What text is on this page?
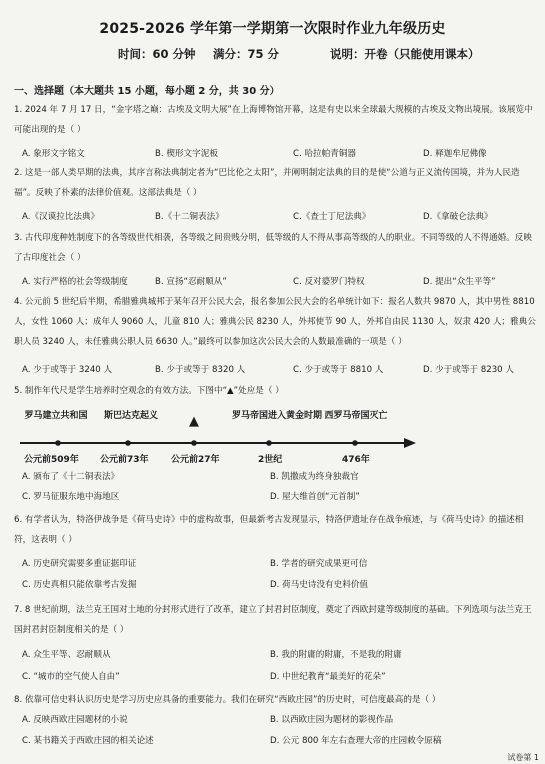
2025-2026 学年第一学期第一次限时作业九年级历史
时间：60 分钟 满分：75 分	说明：开卷（只能使用课本）
一、选择题（本大题共 15 小题，每小题 2 分，共 30 分）
1. 2024 年 7 月 17 日，“金字塔之巅：古埃及文明大展”在上海博物馆开幕，这是有史以来全球最大规模的古埃及文物出境展。该展览中可能出现的是（ ）
A. 象形文字铭文	B. 楔形文字泥板	C. 哈拉帕青铜器	D. 释迦牟尼佛像
2. 这是一部人类早期的法典，其序言称法典制定者为“巴比伦之太阳”，并阐明制定法典的目的是使“公道与正义流传国境，并为人民造福”。反映了朴素的法律价值观。这部法典是（ ）
A.《汉谟拉比法典》	B.《十二铜表法》	C.《查士丁尼法典》	D.《拿破仑法典》
3. 古代印度种姓制度下的各等级世代相袭，各等级之间贵贱分明，低等级的人不得从事高等级的人的职业。不同等级的人不得通婚。反映了古印度社会（ ）
A. 实行严格的社会等级制度	B. 宣扬“忍耐顺从”	C. 反对婆罗门特权	D. 提出“众生平等”
4. 公元前 5 世纪后半期，希腊雅典城邦于某年召开公民大会，报名参加公民大会的名单统计如下：报名人数共 9870 人，其中男性 8810 人，女性 1060 人；成年人 9060 人，儿童 810 人；雅典公民 8230 人，外邦使节 90 人，外邦自由民 1130 人，奴隶 420 人；雅典公职人员 3240 人，未任雅典公职人员 6630 人。”最终可以参加这次公民大会的人数最准确的一项是（ ）
A. 少于或等于 3240 人	B. 少于或等于 8320 人	C. 少于或等于 8810 人	D. 少于或等于 8230 人
5. 制作年代尺是学生培养时空观念的有效方法。下图中“▲”处应是（ ）
罗马建立共和国 斯巴达克起义	▲	罗马帝国进入黄金时期 西罗马帝国灭亡
公元前509年 公元前73年 公元前27年	2世纪	476年
A. 颁布了《十二铜表法》	B. 凯撒成为终身独裁官
C. 罗马征服东地中海地区	D. 屋大维首创“元首制”
6. 有学者认为，特洛伊战争是《荷马史诗》中的虚构故事，但最新考古发现显示，特洛伊遗址存在战争痕迹，与《荷马史诗》的描述相符，这表明（ ）
A. 历史研究需要多重证据印证	B. 学者的研究成果更可信
C. 历史真相只能依靠考古发掘	D. 荷马史诗没有史料价值
7. 8 世纪前期，法兰克王国对土地的分封形式进行了改革，建立了封君封臣制度，奠定了西欧封建等级制度的基础。下列选项与法兰克王国封君封臣制度相关的是（ ）
A. 众生平等、忍耐顺从	B. 我的附庸的附庸，不是我的附庸
C. “城市的空气使人自由”	D. 中世纪教育“最美好的花朵”
8. 依靠可信史料认识历史是学习历史应具备的重要能力。我们在研究“西欧庄园”的历史时，可信度最高的是（ ）
A. 反映西欧庄园题材的小说	B. 以西欧庄园为题材的影视作品
C. 某书籍关于西欧庄园的相关论述	D. 公元 800 年左右查理大帝的庄园敕令原稿
试卷第 1
